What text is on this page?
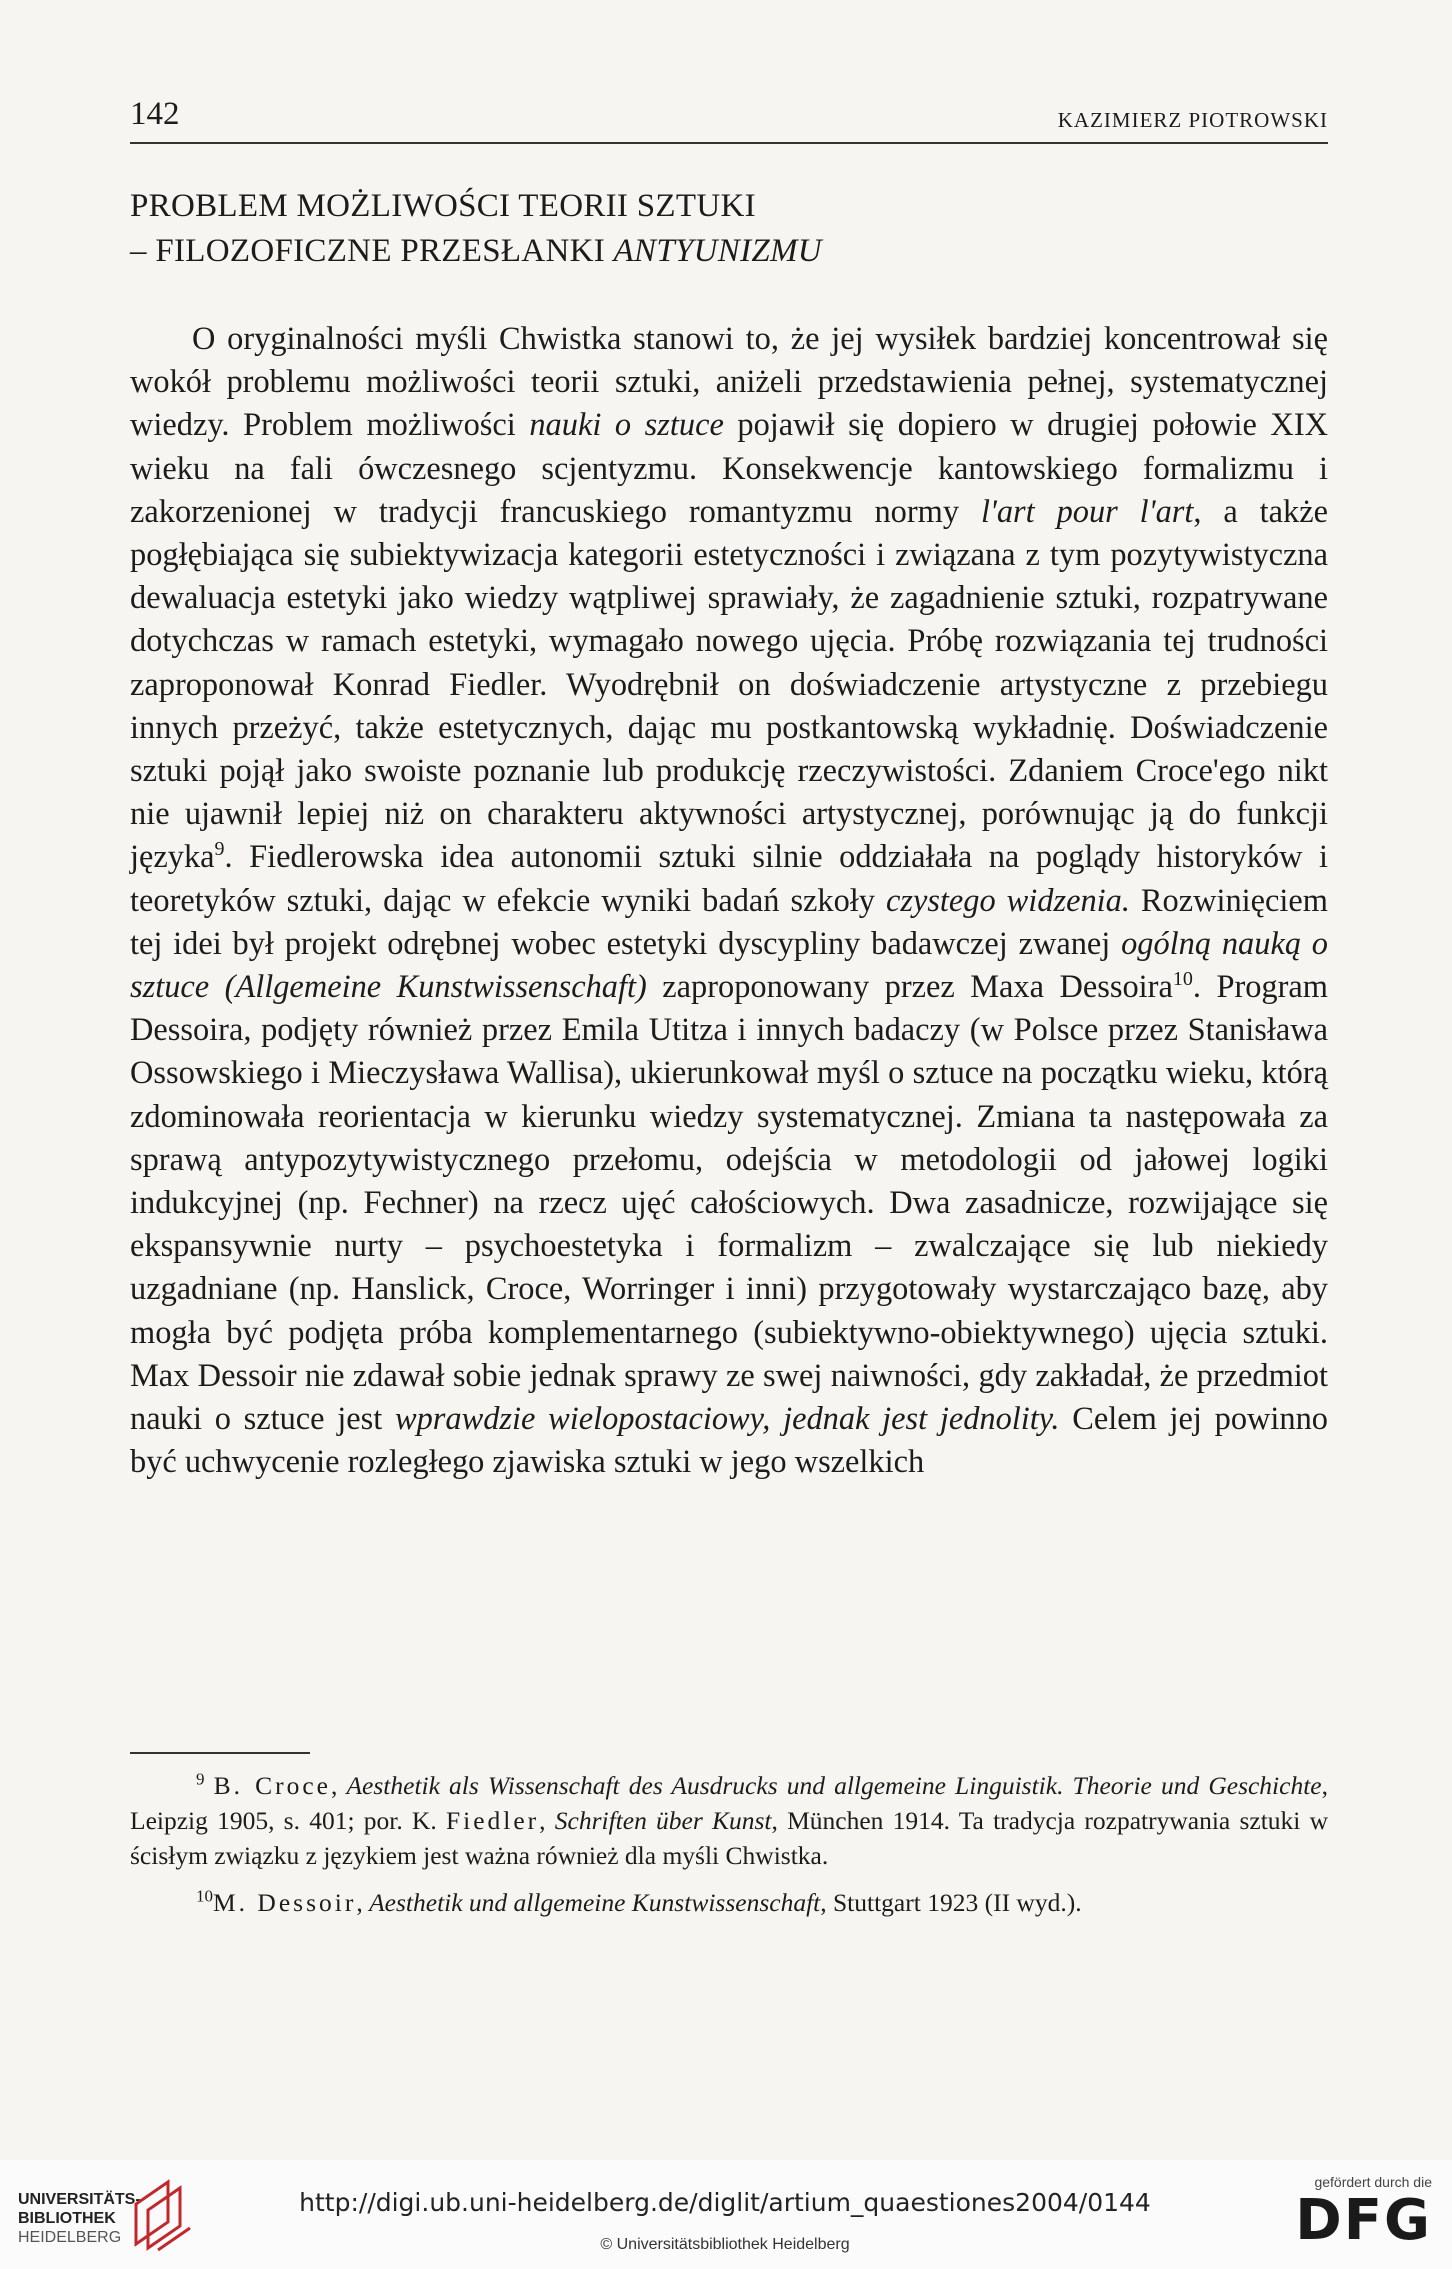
142	KAZIMIERZ PIOTROWSKI
PROBLEM MOŻLIWOŚCI TEORII SZTUKI
– FILOZOFICZNE PRZESŁANKI ANTYUNIZMU

O oryginalności myśli Chwistka stanowi to, że jej wysiłek bardziej koncentrował się wokół problemu możliwości teorii sztuki, aniżeli przedstawienia pełnej, systematycznej wiedzy. Problem możliwości nauki o sztuce pojawił się dopiero w drugiej połowie XIX wieku na fali ówczesnego scjentyzmu. Konsekwencje kantowskiego formalizmu i zakorzenionej w tradycji francuskiego romantyzmu normy l'art pour l'art, a także pogłębiająca się subiektywizacja kategorii estetyczności i związana z tym pozytywistyczna dewaluacja estetyki jako wiedzy wątpliwej sprawiały, że zagadnienie sztuki, rozpatrywane dotychczas w ramach estetyki, wymagało nowego ujęcia. Próbę rozwiązania tej trudności zaproponował Konrad Fiedler. Wyodrębnił on doświadczenie artystyczne z przebiegu innych przeżyć, także estetycznych, dając mu postkantowską wykładnię. Doświadczenie sztuki pojął jako swoiste poznanie lub produkcję rzeczywistości. Zdaniem Croce'ego nikt nie ujawnił lepiej niż on charakteru aktywności artystycznej, porównując ją do funkcji języka$^9$. Fiedlerowska idea autonomii sztuki silnie oddziałała na poglądy historyków i teoretyków sztuki, dając w efekcie wyniki badań szkoły czystego widzenia. Rozwinięciem tej idei był projekt odrębnej wobec estetyki dyscypliny badawczej zwanej ogólną nauką o sztuce (Allgemeine Kunstwissenschaft) zaproponowany przez Maxa Dessoira$^{10}$. Program Dessoira, podjęty również przez Emila Utitza i innych badaczy (w Polsce przez Stanisława Ossowskiego i Mieczysława Wallisa), ukierunkował myśl o sztuce na początku wieku, którą zdominowała reorientacja w kierunku wiedzy systematycznej. Zmiana ta następowała za sprawą antypozytywistycznego przełomu, odejścia w metodologii od jałowej logiki indukcyjnej (np. Fechner) na rzecz ujęć całościowych. Dwa zasadnicze, rozwijające się ekspansywnie nurty – psychoestetyka i formalizm – zwalczające się lub niekiedy uzgadniane (np. Hanslick, Croce, Worringer i inni) przygotowały wystarczająco bazę, aby mogła być podjęta próba komplementarnego (subiektywno-obiektywnego) ujęcia sztuki. Max Dessoir nie zdawał sobie jednak sprawy ze swej naiwności, gdy zakładał, że przedmiot nauki o sztuce jest wprawdzie wielopostaciowy, jednak jest jednolity. Celem jej powinno być uchwycenie rozległego zjawiska sztuki w jego wszelkich

$^9$ B. Croce, Aesthetik als Wissenschaft des Ausdrucks und allgemeine Linguistik. Theorie und Geschichte, Leipzig 1905, s. 401; por. K. Fiedler, Schriften über Kunst, München 1914. Ta tradycja rozpatrywania sztuki w ścisłym związku z językiem jest ważna również dla myśli Chwistka.

$^{10}$M. Dessoir, Aesthetik und allgemeine Kunstwissenschaft, Stuttgart 1923 (II wyd.).

UNIVERSITÄTS-
BIBLIOTHEK
HEIDELBERG
http://digi.ub.uni-heidelberg.de/diglit/artium_quaestiones2004/0144
© Universitätsbibliothek Heidelberg
gefördert durch die
DFG
